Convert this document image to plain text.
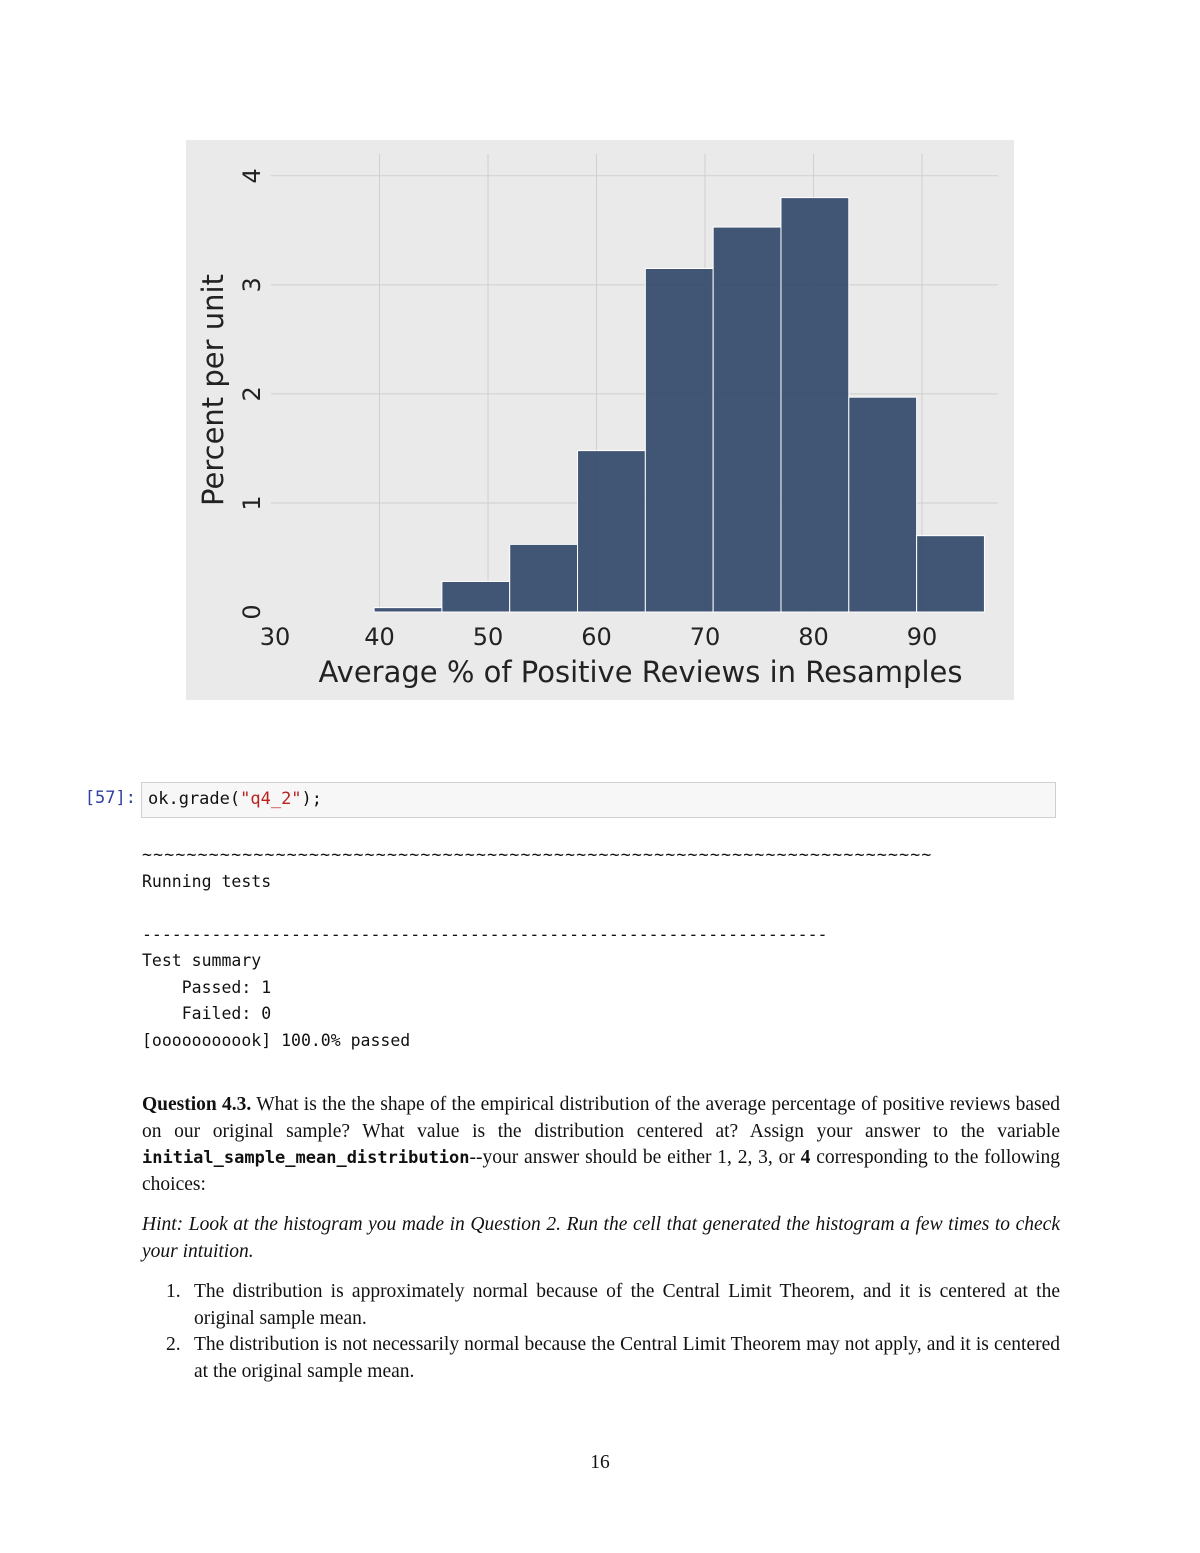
30	40	50	60	70	80	90
0
1
2
3
4
Average % of Positive Reviews in Resamples
Percent per unit
[57]: ok.grade("q4_2");
~~~~~~~~~~~~~~~~~~~~~~~~~~~~~~~~~~~~~~~~~~~~~~~~~~~~~~~~~~~~~~~~~~~~~~~
Running tests

---------------------------------------------------------------------
Test summary
Passed: 1
Failed: 0
[ooooooooook] 100.0% passed
Question 4.3. What is the the shape of the empirical distribution of the average percentage of positive reviews based on our original sample? What value is the distribution centered at? Assign your answer to the variable initial_sample_mean_distribution--your answer should be either 1, 2, 3, or 4 corresponding to the following choices:
Hint: Look at the histogram you made in Question 2. Run the cell that generated the histogram a few times to check your intuition.
1. The distribution is approximately normal because of the Central Limit Theorem, and it is centered at the original sample mean.
2. The distribution is not necessarily normal because the Central Limit Theorem may not apply, and it is centered at the original sample mean.
16
